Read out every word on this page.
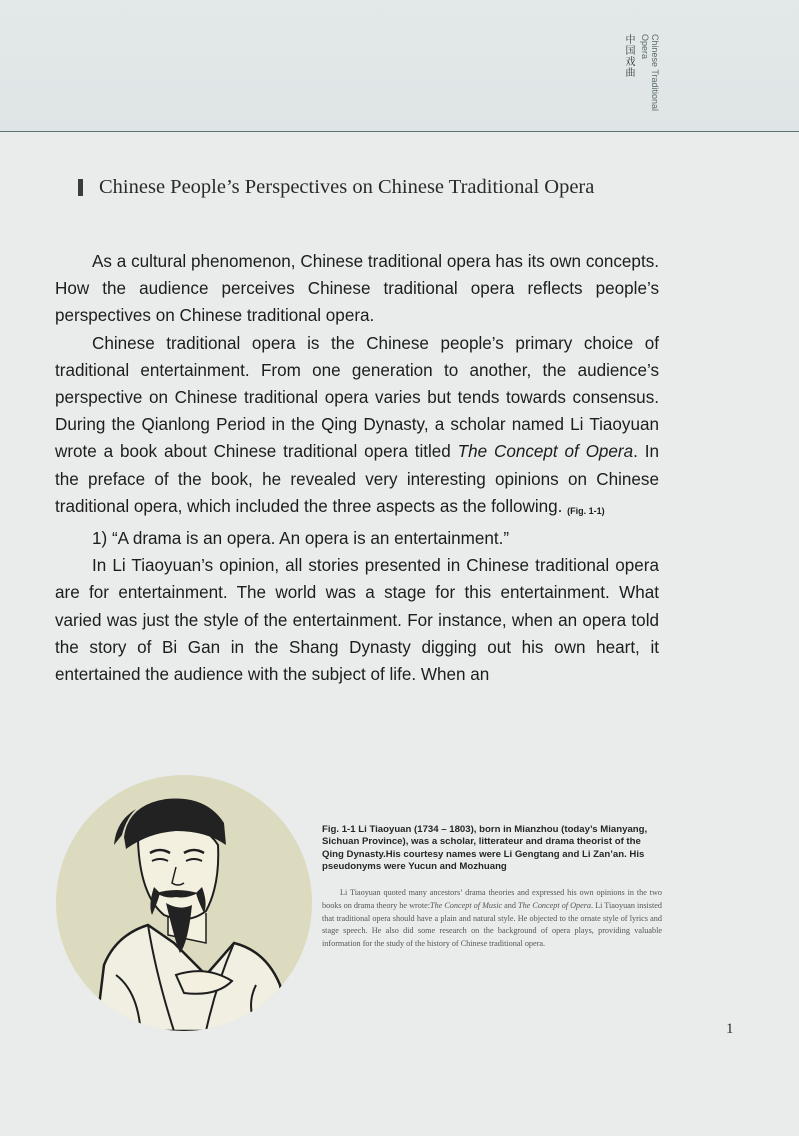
Chinese Traditional Opera
中国戏曲
Chinese People’s Perspectives on Chinese Traditional Opera

As a cultural phenomenon, Chinese traditional opera has its own concepts. How the audience perceives Chinese traditional opera reflects people’s perspectives on Chinese traditional opera.

Chinese traditional opera is the Chinese people’s primary choice of traditional entertainment. From one generation to another, the audience’s perspective on Chinese traditional opera varies but tends towards consensus. During the Qianlong Period in the Qing Dynasty, a scholar named Li Tiaoyuan wrote a book about Chinese traditional opera titled The Concept of Opera. In the preface of the book, he revealed very interesting opinions on Chinese traditional opera, which included the three aspects as the following. (Fig. 1-1)

1) “A drama is an opera. An opera is an entertainment.”

In Li Tiaoyuan’s opinion, all stories presented in Chinese traditional opera are for entertainment. The world was a stage for this entertainment. What varied was just the style of the entertainment. For instance, when an opera told the story of Bi Gan in the Shang Dynasty digging out his own heart, it entertained the audience with the subject of life. When an

Fig. 1-1 Li Tiaoyuan (1734 – 1803), born in Mianzhou (today’s Mianyang, Sichuan Province), was a scholar, litterateur and drama theorist of the Qing Dynasty.His courtesy names were Li Gengtang and Li Zan’an. His pseudonyms were Yucun and Mozhuang
Li Tiaoyuan quoted many ancestors’ drama theories and expressed his own opinions in the two books on drama theory he wrote:The Concept of Music and The Concept of Opera. Li Tiaoyuan insisted that traditional opera should have a plain and natural style. He objected to the ornate style of lyrics and stage speech. He also did some research on the background of opera plays, providing valuable information for the study of the history of Chinese traditional opera.
1
